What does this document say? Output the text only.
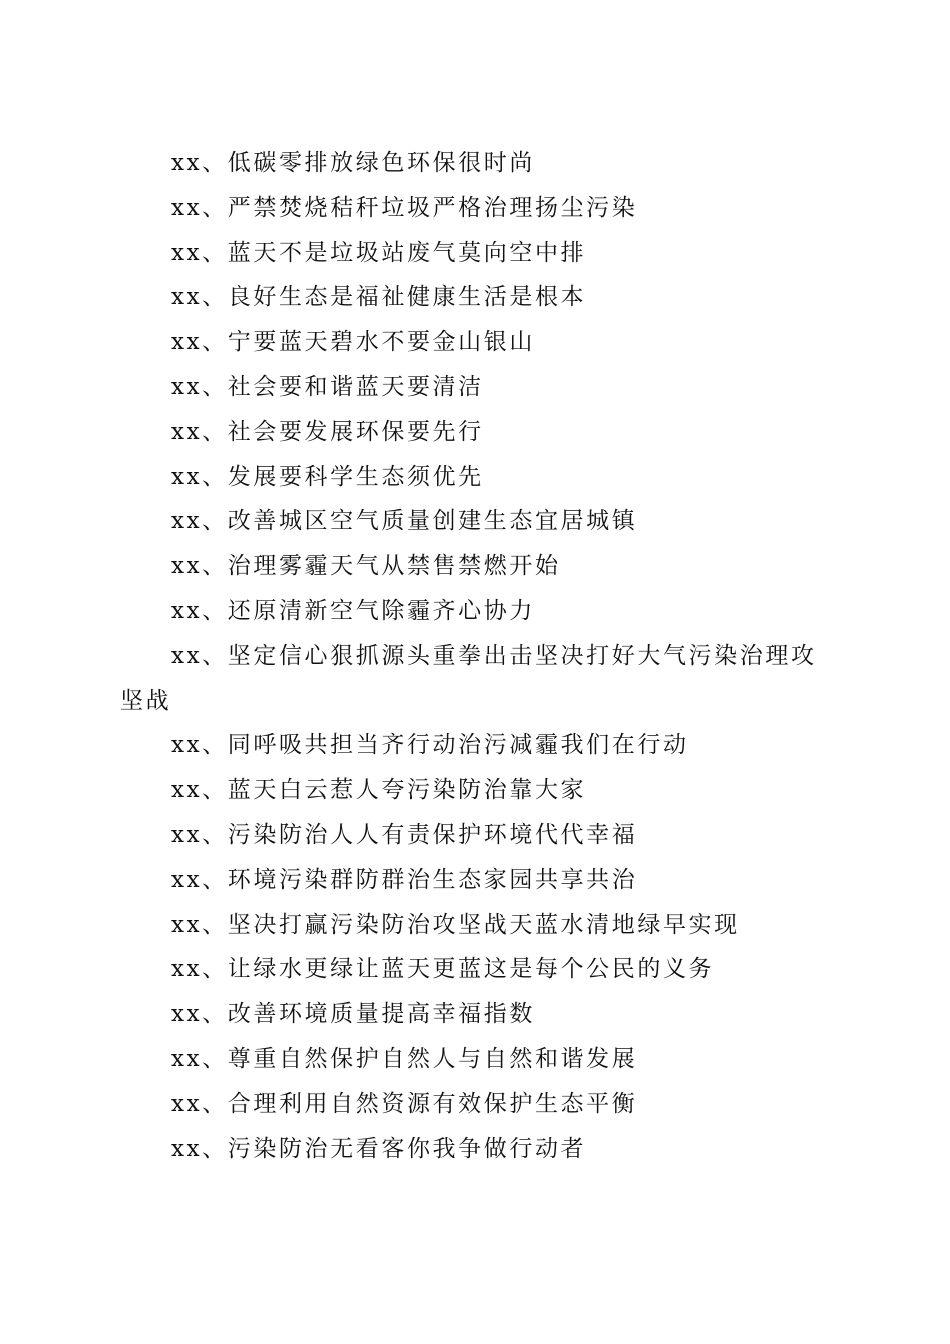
xx、低碳零排放绿色环保很时尚

xx、严禁焚烧秸秆垃圾严格治理扬尘污染

xx、蓝天不是垃圾站废气莫向空中排

xx、良好生态是福祉健康生活是根本

xx、宁要蓝天碧水不要金山银山

xx、社会要和谐蓝天要清洁

xx、社会要发展环保要先行

xx、发展要科学生态须优先

xx、改善城区空气质量创建生态宜居城镇

xx、治理雾霾天气从禁售禁燃开始

xx、还原清新空气除霾齐心协力

xx、坚定信心狠抓源头重拳出击坚决打好大气污染治理攻坚战

xx、同呼吸共担当齐行动治污减霾我们在行动

xx、蓝天白云惹人夸污染防治靠大家

xx、污染防治人人有责保护环境代代幸福

xx、环境污染群防群治生态家园共享共治

xx、坚决打赢污染防治攻坚战天蓝水清地绿早实现

xx、让绿水更绿让蓝天更蓝这是每个公民的义务

xx、改善环境质量提高幸福指数

xx、尊重自然保护自然人与自然和谐发展

xx、合理利用自然资源有效保护生态平衡

xx、污染防治无看客你我争做行动者
